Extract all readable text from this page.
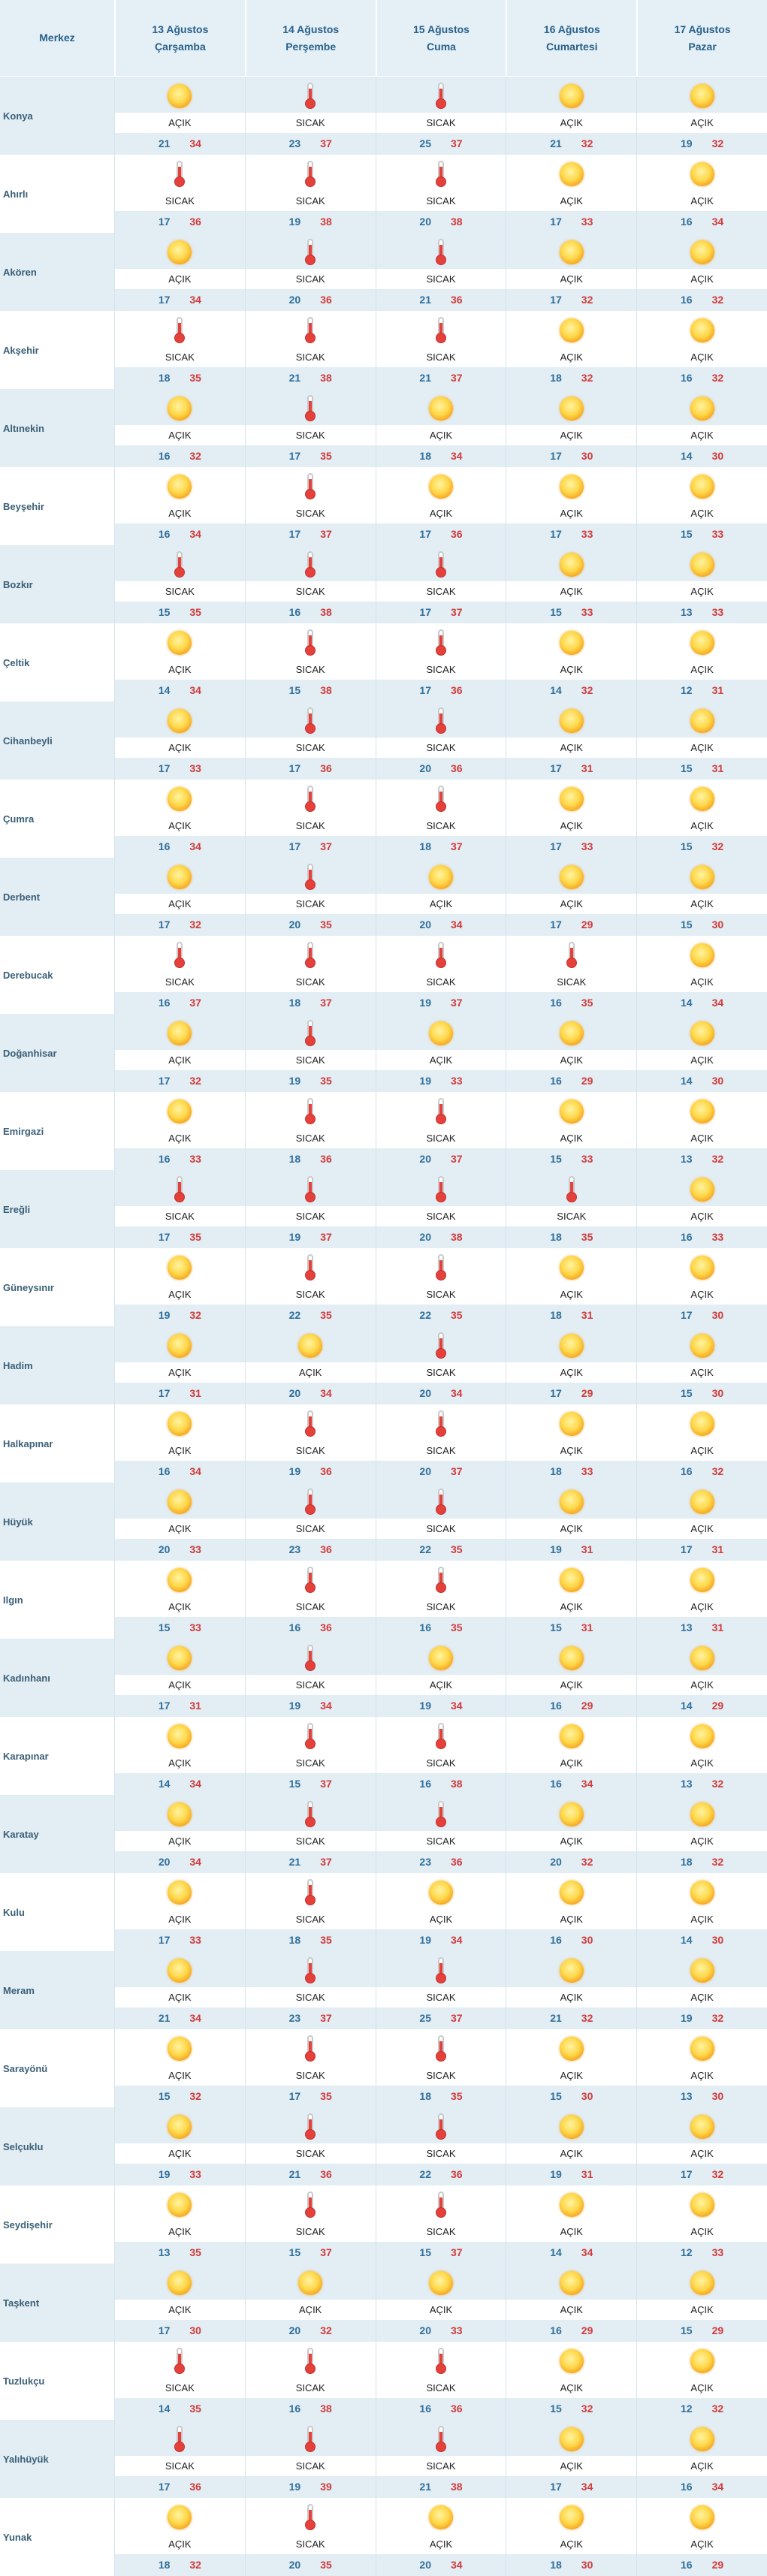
Merkez
13 Ağustos
Çarşamba
14 Ağustos
Perşembe
15 Ağustos
Cuma
16 Ağustos
Cumartesi
17 Ağustos
Pazar
Konya
AÇIK
21 34
SICAK
23 37
SICAK
25 37
AÇIK
21 32
AÇIK
19 32
Ahırlı
SICAK
17 36
SICAK
19 38
SICAK
20 38
AÇIK
17 33
AÇIK
16 34
Akören
AÇIK
17 34
SICAK
20 36
SICAK
21 36
AÇIK
17 32
AÇIK
16 32
Akşehir
SICAK
18 35
SICAK
21 38
SICAK
21 37
AÇIK
18 32
AÇIK
16 32
Altınekin
AÇIK
16 32
SICAK
17 35
AÇIK
18 34
AÇIK
17 30
AÇIK
14 30
Beyşehir
AÇIK
16 34
SICAK
17 37
AÇIK
17 36
AÇIK
17 33
AÇIK
15 33
Bozkır
SICAK
15 35
SICAK
16 38
SICAK
17 37
AÇIK
15 33
AÇIK
13 33
Çeltik
AÇIK
14 34
SICAK
15 38
SICAK
17 36
AÇIK
14 32
AÇIK
12 31
Cihanbeyli
AÇIK
17 33
SICAK
17 36
SICAK
20 36
AÇIK
17 31
AÇIK
15 31
Çumra
AÇIK
16 34
SICAK
17 37
SICAK
18 37
AÇIK
17 33
AÇIK
15 32
Derbent
AÇIK
17 32
SICAK
20 35
AÇIK
20 34
AÇIK
17 29
AÇIK
15 30
Derebucak
SICAK
16 37
SICAK
18 37
SICAK
19 37
SICAK
16 35
AÇIK
14 34
Doğanhisar
AÇIK
17 32
SICAK
19 35
AÇIK
19 33
AÇIK
16 29
AÇIK
14 30
Emirgazi
AÇIK
16 33
SICAK
18 36
SICAK
20 37
AÇIK
15 33
AÇIK
13 32
Ereğli
SICAK
17 35
SICAK
19 37
SICAK
20 38
SICAK
18 35
AÇIK
16 33
Güneysınır
AÇIK
19 32
SICAK
22 35
SICAK
22 35
AÇIK
18 31
AÇIK
17 30
Hadim
AÇIK
17 31
AÇIK
20 34
SICAK
20 34
AÇIK
17 29
AÇIK
15 30
Halkapınar
AÇIK
16 34
SICAK
19 36
SICAK
20 37
AÇIK
18 33
AÇIK
16 32
Hüyük
AÇIK
20 33
SICAK
23 36
SICAK
22 35
AÇIK
19 31
AÇIK
17 31
Ilgın
AÇIK
15 33
SICAK
16 36
SICAK
16 35
AÇIK
15 31
AÇIK
13 31
Kadınhanı
AÇIK
17 31
SICAK
19 34
AÇIK
19 34
AÇIK
16 29
AÇIK
14 29
Karapınar
AÇIK
14 34
SICAK
15 37
SICAK
16 38
AÇIK
16 34
AÇIK
13 32
Karatay
AÇIK
20 34
SICAK
21 37
SICAK
23 36
AÇIK
20 32
AÇIK
18 32
Kulu
AÇIK
17 33
SICAK
18 35
AÇIK
19 34
AÇIK
16 30
AÇIK
14 30
Meram
AÇIK
21 34
SICAK
23 37
SICAK
25 37
AÇIK
21 32
AÇIK
19 32
Sarayönü
AÇIK
15 32
SICAK
17 35
SICAK
18 35
AÇIK
15 30
AÇIK
13 30
Selçuklu
AÇIK
19 33
SICAK
21 36
SICAK
22 36
AÇIK
19 31
AÇIK
17 32
Seydişehir
AÇIK
13 35
SICAK
15 37
SICAK
15 37
AÇIK
14 34
AÇIK
12 33
Taşkent
AÇIK
17 30
AÇIK
20 32
AÇIK
20 33
AÇIK
16 29
AÇIK
15 29
Tuzlukçu
SICAK
14 35
SICAK
16 38
SICAK
16 36
AÇIK
15 32
AÇIK
12 32
Yalıhüyük
SICAK
17 36
SICAK
19 39
SICAK
21 38
AÇIK
17 34
AÇIK
16 34
Yunak
AÇIK
18 32
SICAK
20 35
AÇIK
20 34
AÇIK
18 30
AÇIK
16 29
